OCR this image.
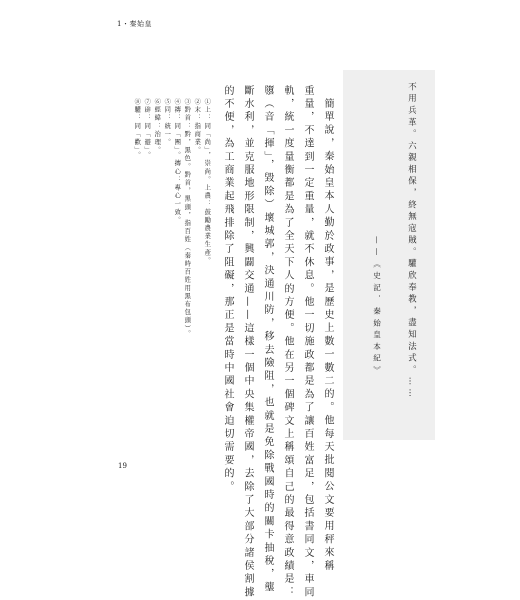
1・秦始皇
不用兵革。六親相保，終無寇賊。驩欣奉教，盡知法式。……
——《史記．秦始皇本紀》
簡單說，秦始皇本人勤於政事，是歷史上數一數二的。他每天批閱公文要用秤來稱
重量，不達到一定重量，就不休息。他一切施政都是為了讓百姓富足，包括書同文，車同
軌，統一度量衡都是為了全天下人的方便。他在另一個碑文上稱頌自己的最得意政績是：
隳（音「揮」，毀除）壞城郭，決通川防，移去險阻，也就是免除戰國時的關卡抽稅，壟
斷水利，並克服地形限制，興闢交通——這樣一個中央集權帝國，去除了大部分諸侯割據
的不便，為工商業起飛排除了阻礙，那正是當時中國社會迫切需要的。
①上：同「尚」，崇尚。上農：鼓勵農業生產。
②末：指商業。
③黔首：黔，黑色。黔首，黑頭，指百姓（秦時百姓用黑布包頭）。
④摶：同「團」。摶心：專心一致。
⑤同：統一。
⑥經緯：治理。
⑦辟：同「避」。
⑧驩：同「歡」。
19
